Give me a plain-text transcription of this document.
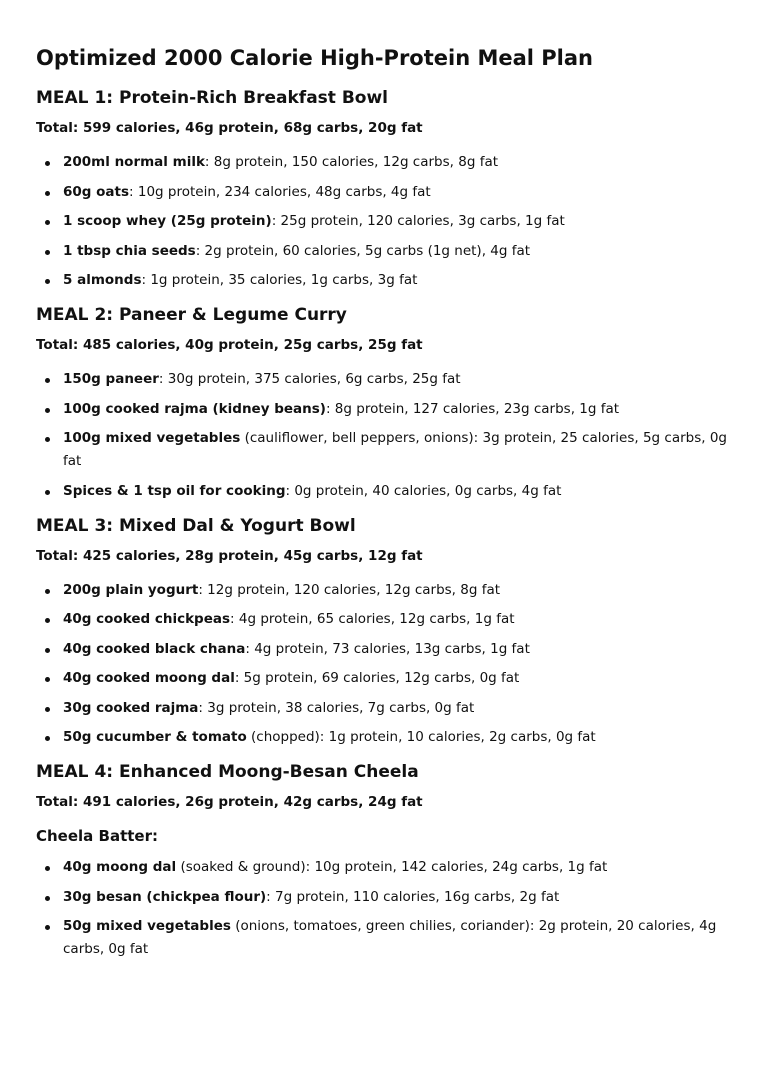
Optimized 2000 Calorie High-Protein Meal Plan
MEAL 1: Protein-Rich Breakfast Bowl

Total: 599 calories, 46g protein, 68g carbs, 20g fat

200ml normal milk: 8g protein, 150 calories, 12g carbs, 8g fat
60g oats: 10g protein, 234 calories, 48g carbs, 4g fat
1 scoop whey (25g protein): 25g protein, 120 calories, 3g carbs, 1g fat
1 tbsp chia seeds: 2g protein, 60 calories, 5g carbs (1g net), 4g fat
5 almonds: 1g protein, 35 calories, 1g carbs, 3g fat
MEAL 2: Paneer & Legume Curry

Total: 485 calories, 40g protein, 25g carbs, 25g fat

150g paneer: 30g protein, 375 calories, 6g carbs, 25g fat
100g cooked rajma (kidney beans): 8g protein, 127 calories, 23g carbs, 1g fat
100g mixed vegetables (cauliflower, bell peppers, onions): 3g protein, 25 calories, 5g carbs, 0g fat
Spices & 1 tsp oil for cooking: 0g protein, 40 calories, 0g carbs, 4g fat
MEAL 3: Mixed Dal & Yogurt Bowl

Total: 425 calories, 28g protein, 45g carbs, 12g fat

200g plain yogurt: 12g protein, 120 calories, 12g carbs, 8g fat
40g cooked chickpeas: 4g protein, 65 calories, 12g carbs, 1g fat
40g cooked black chana: 4g protein, 73 calories, 13g carbs, 1g fat
40g cooked moong dal: 5g protein, 69 calories, 12g carbs, 0g fat
30g cooked rajma: 3g protein, 38 calories, 7g carbs, 0g fat
50g cucumber & tomato (chopped): 1g protein, 10 calories, 2g carbs, 0g fat
MEAL 4: Enhanced Moong-Besan Cheela

Total: 491 calories, 26g protein, 42g carbs, 24g fat

Cheela Batter:
40g moong dal (soaked & ground): 10g protein, 142 calories, 24g carbs, 1g fat
30g besan (chickpea flour): 7g protein, 110 calories, 16g carbs, 2g fat
50g mixed vegetables (onions, tomatoes, green chilies, coriander): 2g protein, 20 calories, 4g carbs, 0g fat
